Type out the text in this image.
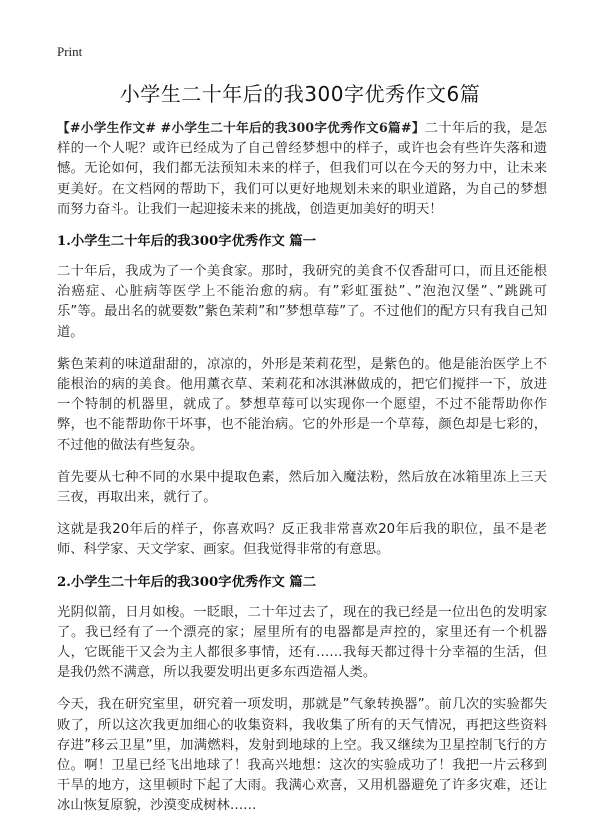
Print
小学生二十年后的我300字优秀作文6篇

【#小学生作文# #小学生二十年后的我300字优秀作文6篇#】二十年后的我，是怎样的一个人呢？或许已经成为了自己曾经梦想中的样子，或许也会有些许失落和遗憾。无论如何，我们都无法预知未来的样子，但我们可以在今天的努力中，让未来更美好。在文档网的帮助下，我们可以更好地规划未来的职业道路，为自己的梦想而努力奋斗。让我们一起迎接未来的挑战，创造更加美好的明天！

1.小学生二十年后的我300字优秀作文 篇一

二十年后，我成为了一个美食家。那时，我研究的美食不仅香甜可口，而且还能根治癌症、心脏病等医学上不能治愈的病。有”彩虹蛋挞”、”泡泡汉堡”、”跳跳可乐”等。最出名的就要数”紫色茉莉”和”梦想草莓”了。不过他们的配方只有我自己知道。

紫色茉莉的味道甜甜的，凉凉的，外形是茉莉花型，是紫色的。他是能治医学上不能根治的病的美食。他用薰衣草、茉莉花和冰淇淋做成的，把它们搅拌一下，放进一个特制的机器里，就成了。梦想草莓可以实现你一个愿望，不过不能帮助你作弊，也不能帮助你干坏事，也不能治病。它的外形是一个草莓，颜色却是七彩的，不过他的做法有些复杂。

首先要从七种不同的水果中提取色素，然后加入魔法粉，然后放在冰箱里冻上三天三夜，再取出来，就行了。

这就是我20年后的样子，你喜欢吗？反正我非常喜欢20年后我的职位，虽不是老师、科学家、天文学家、画家。但我觉得非常的有意思。

2.小学生二十年后的我300字优秀作文 篇二

光阴似箭，日月如梭。一眨眼，二十年过去了，现在的我已经是一位出色的发明家了。我已经有了一个漂亮的家；屋里所有的电器都是声控的，家里还有一个机器人，它既能干又会为主人都很多事情，还有……我每天都过得十分幸福的生活，但是我仍然不满意，所以我要发明出更多东西造福人类。

今天，我在研究室里，研究着一项发明，那就是”气象转换器”。前几次的实验都失败了，所以这次我更加细心的收集资料，我收集了所有的天气情况，再把这些资料存进”移云卫星”里，加满燃料，发射到地球的上空。我又继续为卫星控制飞行的方位。啊！卫星已经飞出地球了！我高兴地想：这次的实验成功了！我把一片云移到干旱的地方，这里顿时下起了大雨。我满心欢喜，又用机器避免了许多灾难，还让冰山恢复原貌，沙漠变成树林……
